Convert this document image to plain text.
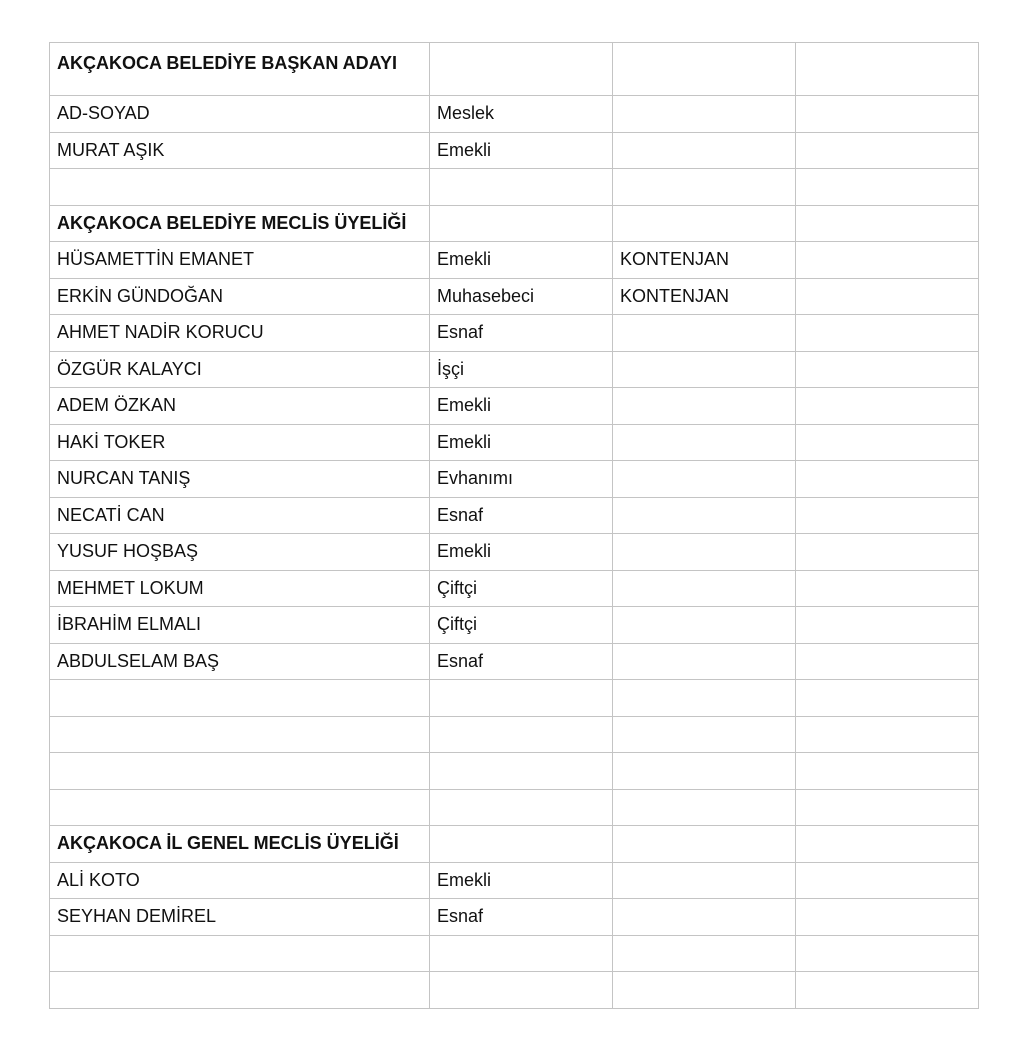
AKÇAKOCA BELEDİYE BAŞKAN ADAYI			
AD-SOYAD	Meslek		
MURAT AŞIK	Emekli		

AKÇAKOCA BELEDİYE MECLİS ÜYELİĞİ			
HÜSAMETTİN EMANET	Emekli	KONTENJAN	
ERKİN GÜNDOĞAN	Muhasebeci	KONTENJAN	
AHMET NADİR KORUCU	Esnaf		
ÖZGÜR KALAYCI	İşçi		
ADEM ÖZKAN	Emekli		
HAKİ TOKER	Emekli		
NURCAN TANIŞ	Evhanımı		
NECATİ CAN	Esnaf		
YUSUF HOŞBAŞ	Emekli		
MEHMET LOKUM	Çiftçi		
İBRAHİM ELMALI	Çiftçi		
ABDULSELAM BAŞ	Esnaf		

AKÇAKOCA İL GENEL MECLİS ÜYELİĞİ			
ALİ KOTO	Emekli		
SEYHAN DEMİREL	Esnaf		
